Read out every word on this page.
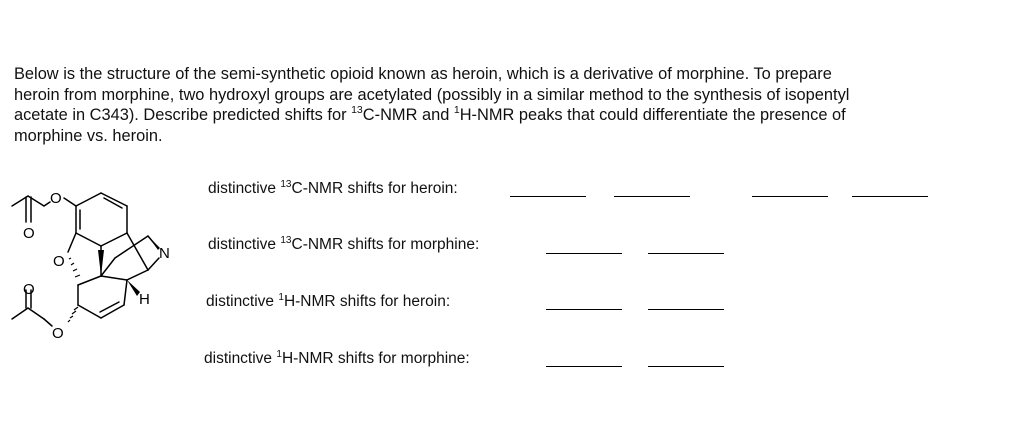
Below is the structure of the semi-synthetic opioid known as heroin, which is a derivative of morphine. To prepare
heroin from morphine, two hydroxyl groups are acetylated (possibly in a similar method to the synthesis of isopentyl
acetate in C343). Describe predicted shifts for $^{13}$C-NMR and $^1$H-NMR peaks that could differentiate the presence of
morphine vs. heroin.
O
O
O	N
H
O
O
distinctive $^{13}$C-NMR shifts for heroin:
distinctive $^{13}$C-NMR shifts for morphine:
distinctive $^1$H-NMR shifts for heroin:
distinctive $^1$H-NMR shifts for morphine:
